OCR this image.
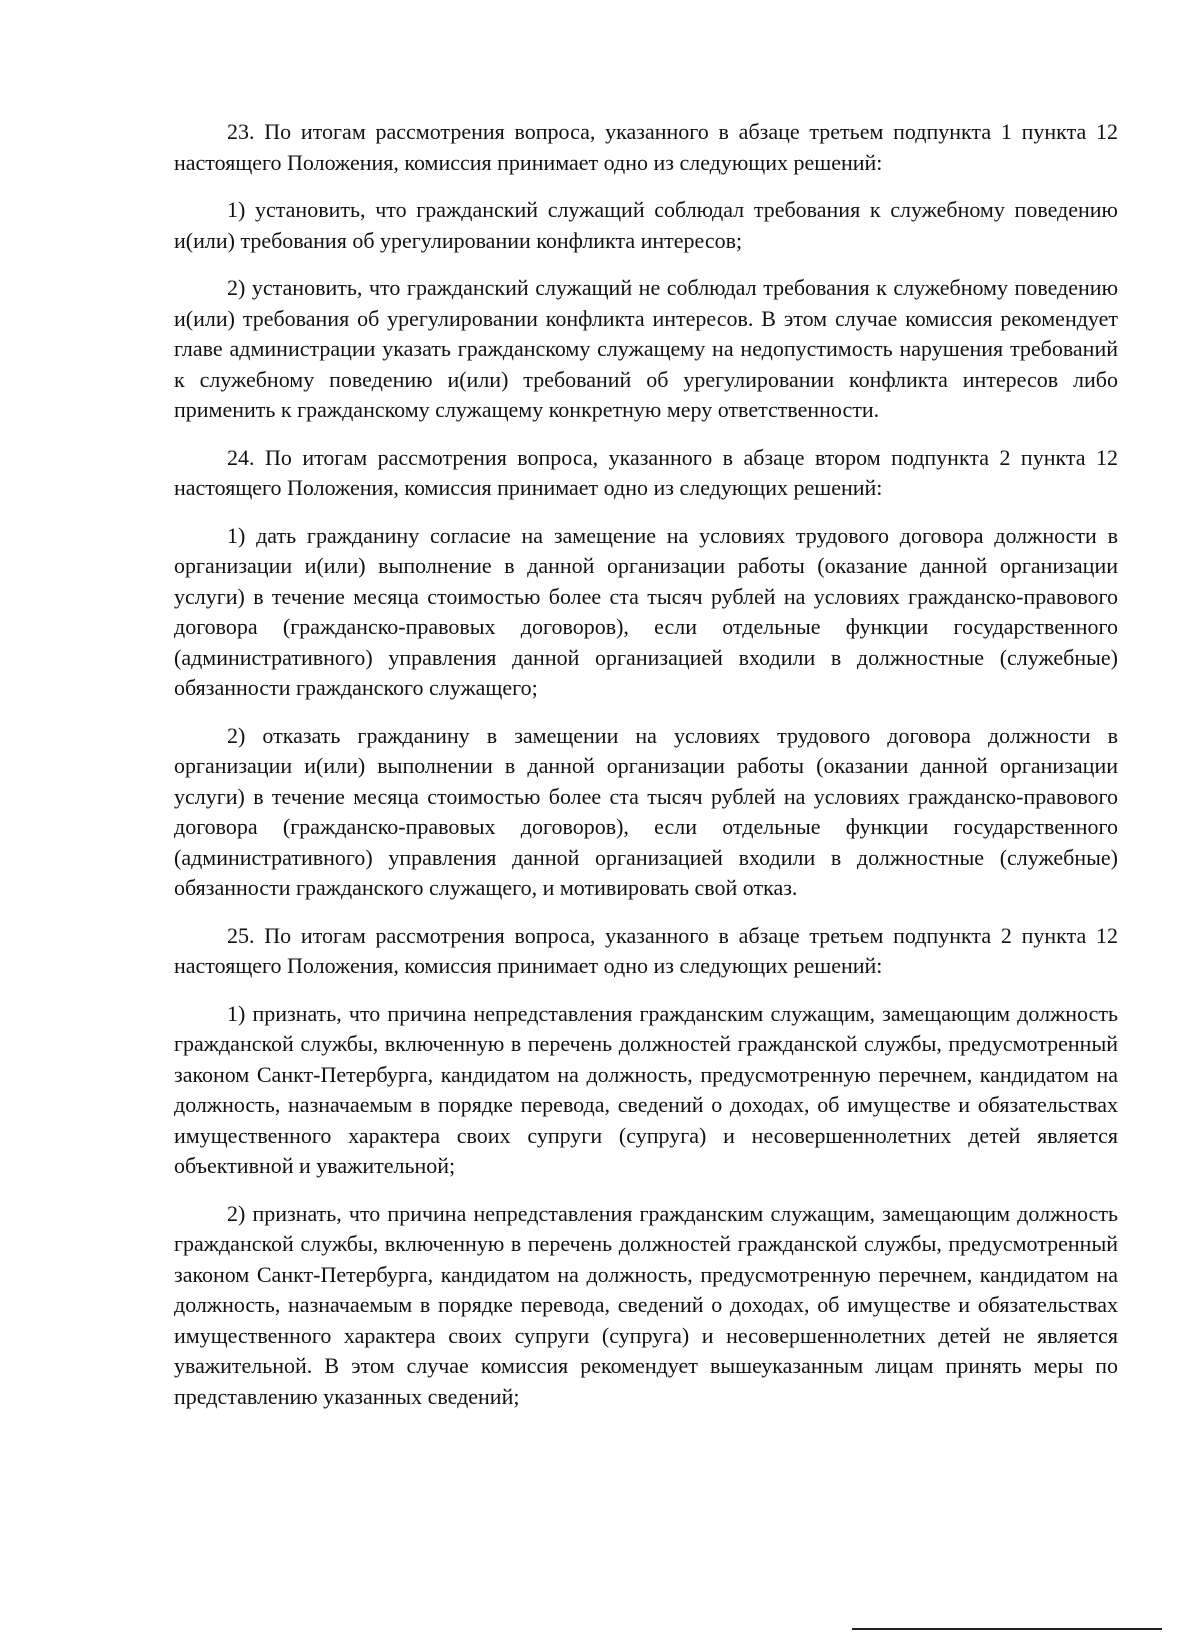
23. По итогам рассмотрения вопроса, указанного в абзаце третьем подпункта 1 пункта 12 настоящего Положения, комиссия принимает одно из следующих решений:

1) установить, что гражданский служащий соблюдал требования к служебному поведению и(или) требования об урегулировании конфликта интересов;

2) установить, что гражданский служащий не соблюдал требования к служебному поведению и(или) требования об урегулировании конфликта интересов. В этом случае комиссия рекомендует главе администрации указать гражданскому служащему на недопустимость нарушения требований к служебному поведению и(или) требований об урегулировании конфликта интересов либо применить к гражданскому служащему конкретную меру ответственности.

24. По итогам рассмотрения вопроса, указанного в абзаце втором подпункта 2 пункта 12 настоящего Положения, комиссия принимает одно из следующих решений:

1) дать гражданину согласие на замещение на условиях трудового договора должности в организации и(или) выполнение в данной организации работы (оказание данной организации услуги) в течение месяца стоимостью более ста тысяч рублей на условиях гражданско-правового договора (гражданско-правовых договоров), если отдельные функции государственного (административного) управления данной организацией входили в должностные (служебные) обязанности гражданского служащего;

2) отказать гражданину в замещении на условиях трудового договора должности в организации и(или) выполнении в данной организации работы (оказании данной организации услуги) в течение месяца стоимостью более ста тысяч рублей на условиях гражданско-правового договора (гражданско-правовых договоров), если отдельные функции государственного (административного) управления данной организацией входили в должностные (служебные) обязанности гражданского служащего, и мотивировать свой отказ.

25. По итогам рассмотрения вопроса, указанного в абзаце третьем подпункта 2 пункта 12 настоящего Положения, комиссия принимает одно из следующих решений:

1) признать, что причина непредставления гражданским служащим, замещающим должность гражданской службы, включенную в перечень должностей гражданской службы, предусмотренный законом Санкт-Петербурга, кандидатом на должность, предусмотренную перечнем, кандидатом на должность, назначаемым в порядке перевода, сведений о доходах, об имуществе и обязательствах имущественного характера своих супруги (супруга) и несовершеннолетних детей является объективной и уважительной;

2) признать, что причина непредставления гражданским служащим, замещающим должность гражданской службы, включенную в перечень должностей гражданской службы, предусмотренный законом Санкт-Петербурга, кандидатом на должность, предусмотренную перечнем, кандидатом на должность, назначаемым в порядке перевода, сведений о доходах, об имуществе и обязательствах имущественного характера своих супруги (супруга) и несовершеннолетних детей не является уважительной. В этом случае комиссия рекомендует вышеуказанным лицам принять меры по представлению указанных сведений;
